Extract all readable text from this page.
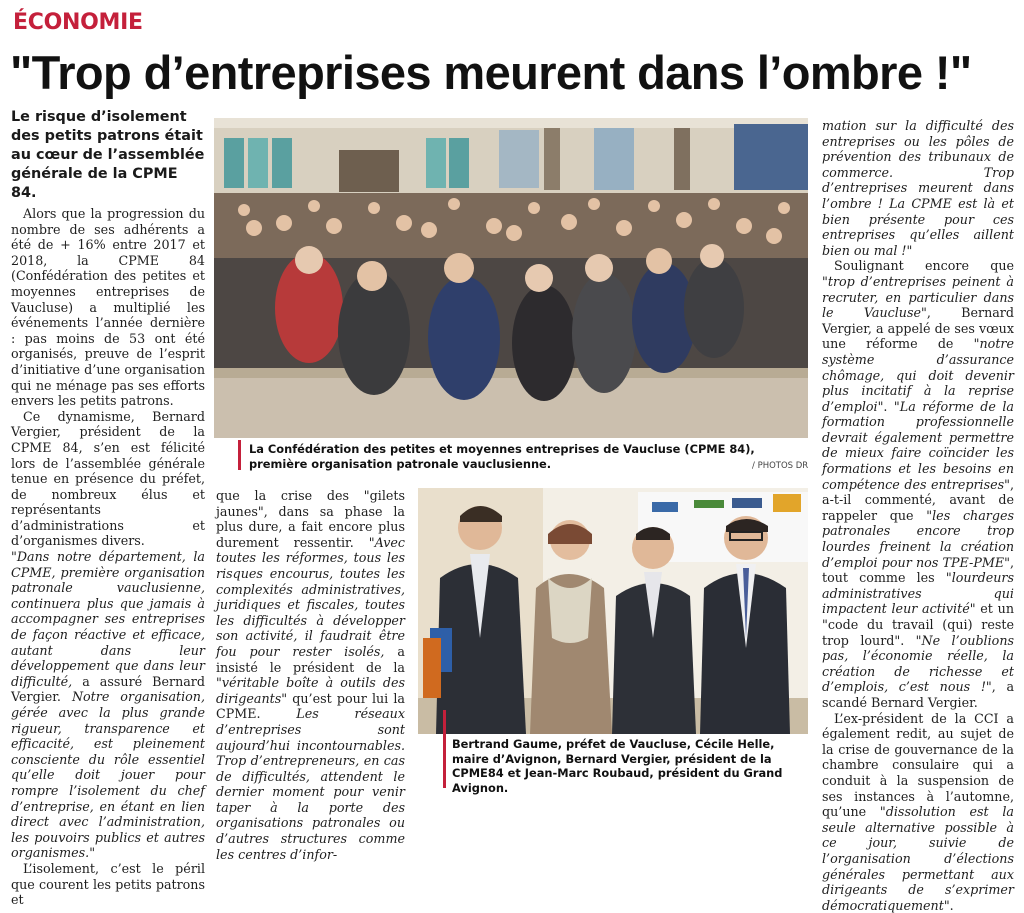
ÉCONOMIE
"Trop d’entreprises meurent dans l’ombre !"
Le risque d’isolement des petits patrons était au cœur de l’assemblée générale de la CPME 84.

Alors que la progression du nombre de ses adhérents a été de + 16% entre 2017 et 2018, la CPME 84 (Confédération des petites et moyennes entreprises de Vaucluse) a multiplié les événements l’année dernière : pas moins de 53 ont été organisés, preuve de l’esprit d’initiative d’une organisation qui ne ménage pas ses efforts envers les petits patrons.

Ce dynamisme, Bernard Vergier, président de la CPME 84, s’en est félicité lors de l’assemblée générale tenue en présence du préfet, de nombreux élus et représentants d’administrations et d’organismes divers.

"Dans notre département, la CPME, première organisation patronale vauclusienne, continuera plus que jamais à accompagner ses entreprises de façon réactive et efficace, autant dans leur développement que dans leur difficulté, a assuré Bernard Vergier. Notre organisation, gérée avec la plus grande rigueur, transparence et efficacité, est pleinement consciente du rôle essentiel qu’elle doit jouer pour rompre l’isolement du chef d’entreprise, en étant en lien direct avec l’administration, les pouvoirs publics et autres organismes."

L’isolement, c’est le péril que courent les petits patrons et

que la crise des "gilets jaunes", dans sa phase la plus dure, a fait encore plus durement ressentir. "Avec toutes les réformes, tous les risques encourus, toutes les complexités administratives, juridiques et fiscales, toutes les difficultés à développer son activité, il faudrait être fou pour rester isolés, a insisté le président de la "véritable boîte à outils des dirigeants" qu’est pour lui la CPME. Les réseaux d’entreprises sont aujourd’hui incontournables. Trop d’entrepreneurs, en cas de difficultés, attendent le dernier moment pour venir taper à la porte des organisations patronales ou d’autres structures comme les centres d’infor-

mation sur la difficulté des entreprises ou les pôles de prévention des tribunaux de commerce. Trop d’entreprises meurent dans l’ombre ! La CPME est là et bien présente pour ces entreprises qu’elles aillent bien ou mal !"

Soulignant encore que "trop d’entreprises peinent à recruter, en particulier dans le Vaucluse", Bernard Vergier, a appelé de ses vœux une réforme de "notre système d’assurance chômage, qui doit devenir plus incitatif à la reprise d’emploi". "La réforme de la formation professionnelle devrait également permettre de mieux faire coïncider les formations et les besoins en compétence des entreprises", a-t-il commenté, avant de rappeler que "les charges patronales encore trop lourdes freinent la création d’emploi pour nos TPE-PME", tout comme les "lourdeurs administratives qui impactent leur activité" et un "code du travail (qui) reste trop lourd". "Ne l’oublions pas, l’économie réelle, la création de richesse et d’emplois, c’est nous !", a scandé Bernard Vergier.

L’ex-président de la CCI a également redit, au sujet de la crise de gouvernance de la chambre consulaire qui a conduit à la suspension de ses instances à l’automne, qu’une "dissolution est la seule alternative possible à ce jour, suivie de l’organisation d’élections générales permettant aux dirigeants de s’exprimer démocratiquement".

La Confédération des petites et moyennes entreprises de Vaucluse (CPME 84), première organisation patronale vauclusienne.	/ PHOTOS DR
Bertrand Gaume, préfet de Vaucluse, Cécile Helle, maire d’Avignon, Bernard Vergier, président de la CPME84 et Jean-Marc Roubaud, président du Grand Avignon.
